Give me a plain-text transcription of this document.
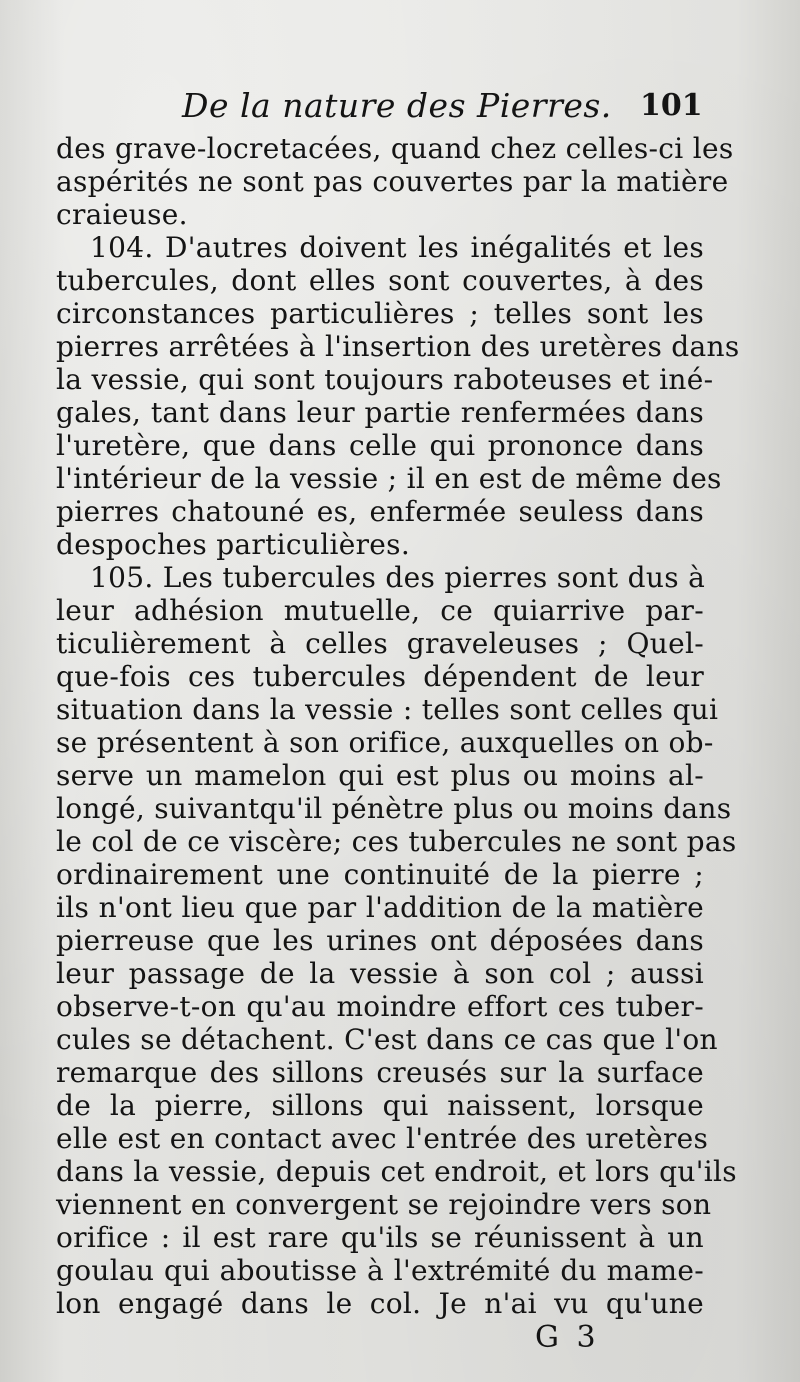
De la nature des Pierres. 101
des grave-locretacées, quand chez celles-ci les
aspérités ne sont pas couvertes par la matière
craieuse.
104. D'autres doivent les inégalités et les
tubercules, dont elles sont couvertes, à des
circonstances particulières ; telles sont les
pierres arrêtées à l'insertion des uretères dans
la vessie, qui sont toujours raboteuses et iné-
gales, tant dans leur partie renfermées dans
l'uretère, que dans celle qui prononce dans
l'intérieur de la vessie ; il en est de même des
pierres chatouné es, enfermée seuless dans
despoches particulières.
105. Les tubercules des pierres sont dus à
leur adhésion mutuelle, ce quiarrive par-
ticulièrement à celles graveleuses ; Quel-
que-fois ces tubercules dépendent de leur
situation dans la vessie : telles sont celles qui
se présentent à son orifice, auxquelles on ob-
serve un mamelon qui est plus ou moins al-
longé, suivantqu'il pénètre plus ou moins dans
le col de ce viscère; ces tubercules ne sont pas
ordinairement une continuité de la pierre ;
ils n'ont lieu que par l'addition de la matière
pierreuse que les urines ont déposées dans
leur passage de la vessie à son col ; aussi
observe-t-on qu'au moindre effort ces tuber-
cules se détachent. C'est dans ce cas que l'on
remarque des sillons creusés sur la surface
de la pierre, sillons qui naissent, lorsque
elle est en contact avec l'entrée des uretères
dans la vessie, depuis cet endroit, et lors qu'ils
viennent en convergent se rejoindre vers son
orifice : il est rare qu'ils se réunissent à un
goulau qui aboutisse à l'extrémité du mame-
lon engagé dans le col. Je n'ai vu qu'une
G 3
